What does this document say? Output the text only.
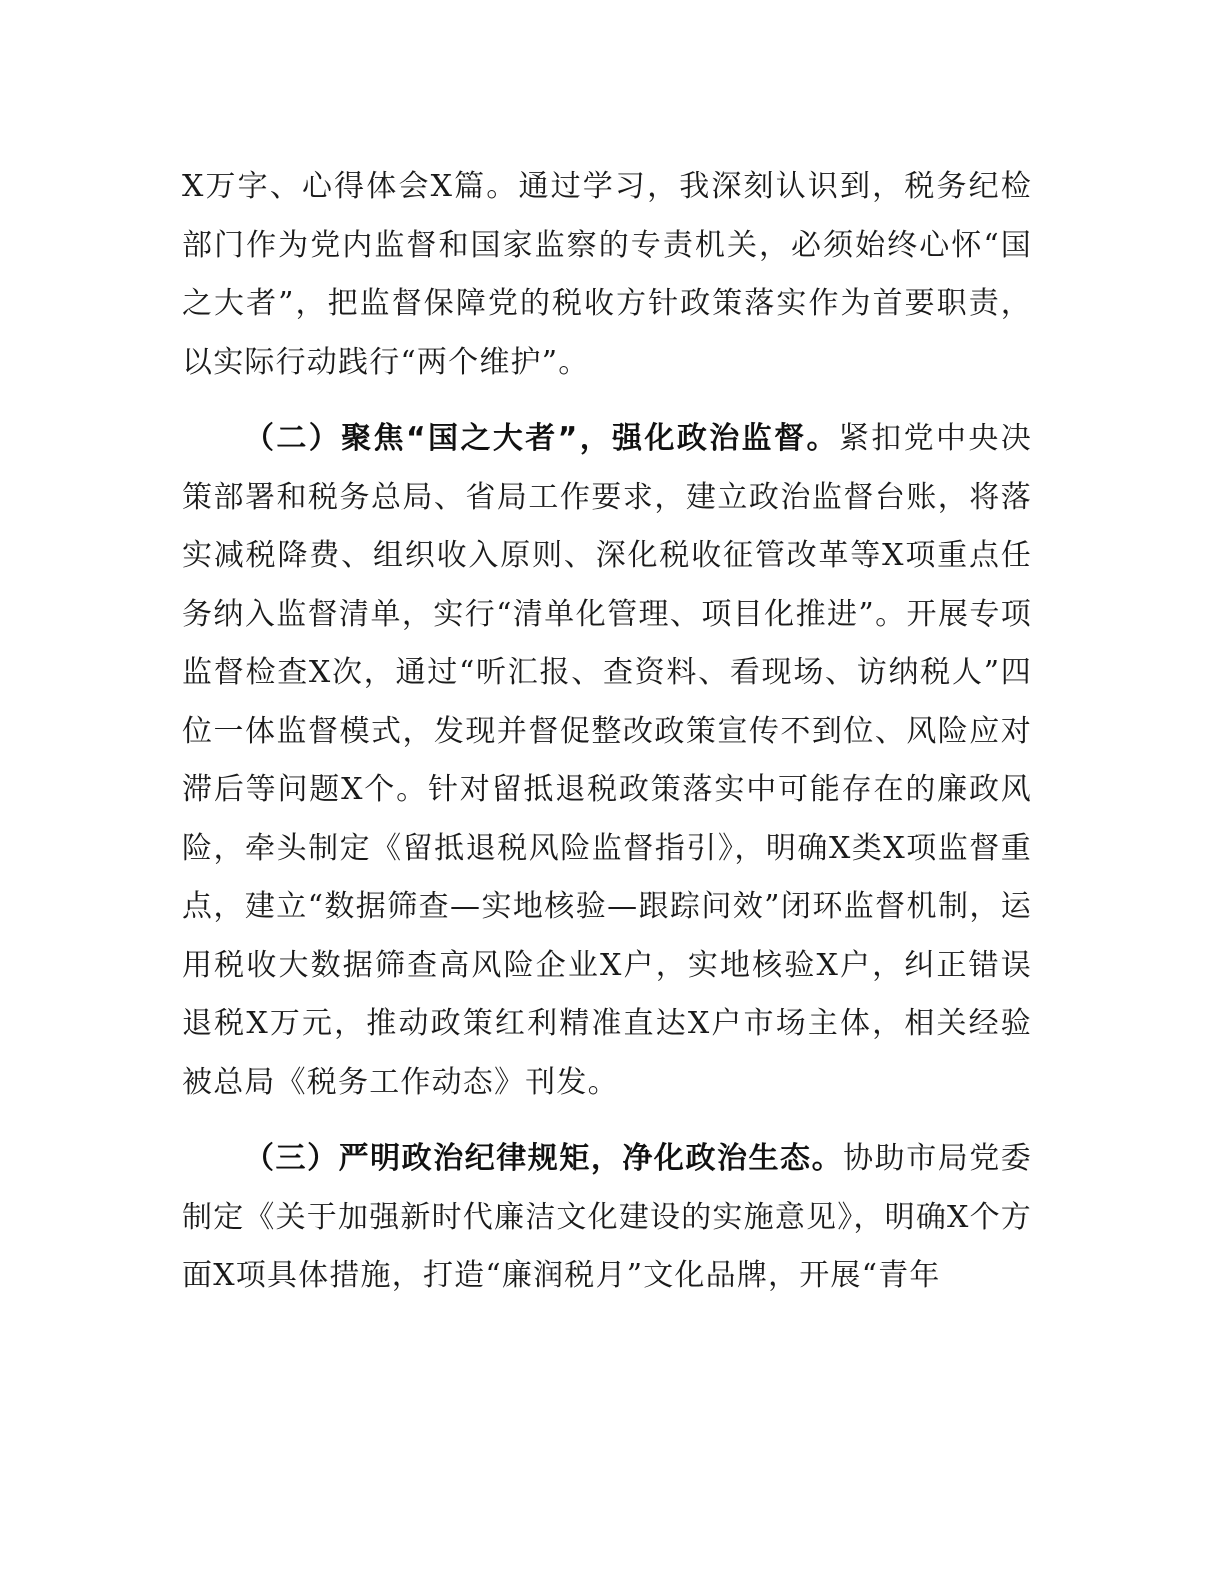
X万字、心得体会X篇。通过学习，我深刻认识到，税务纪检部门作为党内监督和国家监察的专责机关，必须始终心怀“国之大者”，把监督保障党的税收方针政策落实作为首要职责，以实际行动践行“两个维护”。

（二）聚焦“国之大者”，强化政治监督。紧扣党中央决策部署和税务总局、省局工作要求，建立政治监督台账，将落实减税降费、组织收入原则、深化税收征管改革等X项重点任务纳入监督清单，实行“清单化管理、项目化推进”。开展专项监督检查X次，通过“听汇报、查资料、看现场、访纳税人”四位一体监督模式，发现并督促整改政策宣传不到位、风险应对滞后等问题X个。针对留抵退税政策落实中可能存在的廉政风险，牵头制定《留抵退税风险监督指引》，明确X类X项监督重点，建立“数据筛查—实地核验—跟踪问效”闭环监督机制，运用税收大数据筛查高风险企业X户，实地核验X户，纠正错误退税X万元，推动政策红利精准直达X户市场主体，相关经验被总局《税务工作动态》刊发。

（三）严明政治纪律规矩，净化政治生态。协助市局党委制定《关于加强新时代廉洁文化建设的实施意见》，明确X个方面X项具体措施，打造“廉润税月”文化品牌，开展“青年
